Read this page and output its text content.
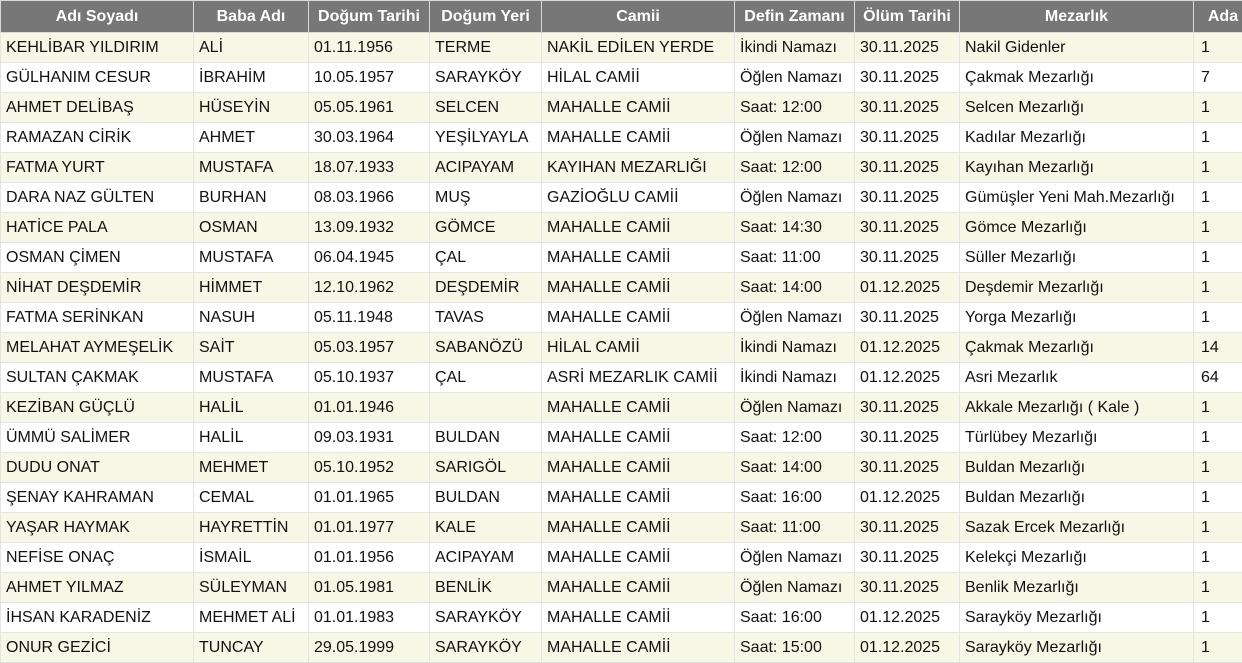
Adı Soyadı	Baba Adı	Doğum Tarihi	Doğum Yeri	Camii	Defin Zamanı	Ölüm Tarihi	Mezarlık	Ada
KEHLİBAR YILDIRIM	ALİ	01.11.1956	TERME	NAKİL EDİLEN YERDE	İkindi Namazı	30.11.2025	Nakil Gidenler	1
GÜLHANIM CESUR	İBRAHİM	10.05.1957	SARAYKÖY	HİLAL CAMİİ	Öğlen Namazı	30.11.2025	Çakmak Mezarlığı	7
AHMET DELİBAŞ	HÜSEYİN	05.05.1961	SELCEN	MAHALLE CAMİİ	Saat: 12:00	30.11.2025	Selcen Mezarlığı	1
RAMAZAN CİRİK	AHMET	30.03.1964	YEŞİLYAYLA	MAHALLE CAMİİ	Öğlen Namazı	30.11.2025	Kadılar Mezarlığı	1
FATMA YURT	MUSTAFA	18.07.1933	ACIPAYAM	KAYIHAN MEZARLIĞI	Saat: 12:00	30.11.2025	Kayıhan Mezarlığı	1
DARA NAZ GÜLTEN	BURHAN	08.03.1966	MUŞ	GAZİOĞLU CAMİİ	Öğlen Namazı	30.11.2025	Gümüşler Yeni Mah.Mezarlığı	1
HATİCE PALA	OSMAN	13.09.1932	GÖMCE	MAHALLE CAMİİ	Saat: 14:30	30.11.2025	Gömce Mezarlığı	1
OSMAN ÇİMEN	MUSTAFA	06.04.1945	ÇAL	MAHALLE CAMİİ	Saat: 11:00	30.11.2025	Süller Mezarlığı	1
NİHAT DEŞDEMİR	HİMMET	12.10.1962	DEŞDEMİR	MAHALLE CAMİİ	Saat: 14:00	01.12.2025	Deşdemir Mezarlığı	1
FATMA SERİNKAN	NASUH	05.11.1948	TAVAS	MAHALLE CAMİİ	Öğlen Namazı	30.11.2025	Yorga Mezarlığı	1
MELAHAT AYMEŞELİK	SAİT	05.03.1957	SABANÖZÜ	HİLAL CAMİİ	İkindi Namazı	01.12.2025	Çakmak Mezarlığı	14
SULTAN ÇAKMAK	MUSTAFA	05.10.1937	ÇAL	ASRİ MEZARLIK CAMİİ	İkindi Namazı	01.12.2025	Asri Mezarlık	64
KEZİBAN GÜÇLÜ	HALİL	01.01.1946		MAHALLE CAMİİ	Öğlen Namazı	30.11.2025	Akkale Mezarlığı ( Kale )	1
ÜMMÜ SALİMER	HALİL	09.03.1931	BULDAN	MAHALLE CAMİİ	Saat: 12:00	30.11.2025	Türlübey Mezarlığı	1
DUDU ONAT	MEHMET	05.10.1952	SARIGÖL	MAHALLE CAMİİ	Saat: 14:00	30.11.2025	Buldan Mezarlığı	1
ŞENAY KAHRAMAN	CEMAL	01.01.1965	BULDAN	MAHALLE CAMİİ	Saat: 16:00	01.12.2025	Buldan Mezarlığı	1
YAŞAR HAYMAK	HAYRETTİN	01.01.1977	KALE	MAHALLE CAMİİ	Saat: 11:00	30.11.2025	Sazak Ercek Mezarlığı	1
NEFİSE ONAÇ	İSMAİL	01.01.1956	ACIPAYAM	MAHALLE CAMİİ	Öğlen Namazı	30.11.2025	Kelekçi Mezarlığı	1
AHMET YILMAZ	SÜLEYMAN	01.05.1981	BENLİK	MAHALLE CAMİİ	Öğlen Namazı	30.11.2025	Benlik Mezarlığı	1
İHSAN KARADENİZ	MEHMET ALİ	01.01.1983	SARAYKÖY	MAHALLE CAMİİ	Saat: 16:00	01.12.2025	Sarayköy Mezarlığı	1
ONUR GEZİCİ	TUNCAY	29.05.1999	SARAYKÖY	MAHALLE CAMİİ	Saat: 15:00	01.12.2025	Sarayköy Mezarlığı	1
